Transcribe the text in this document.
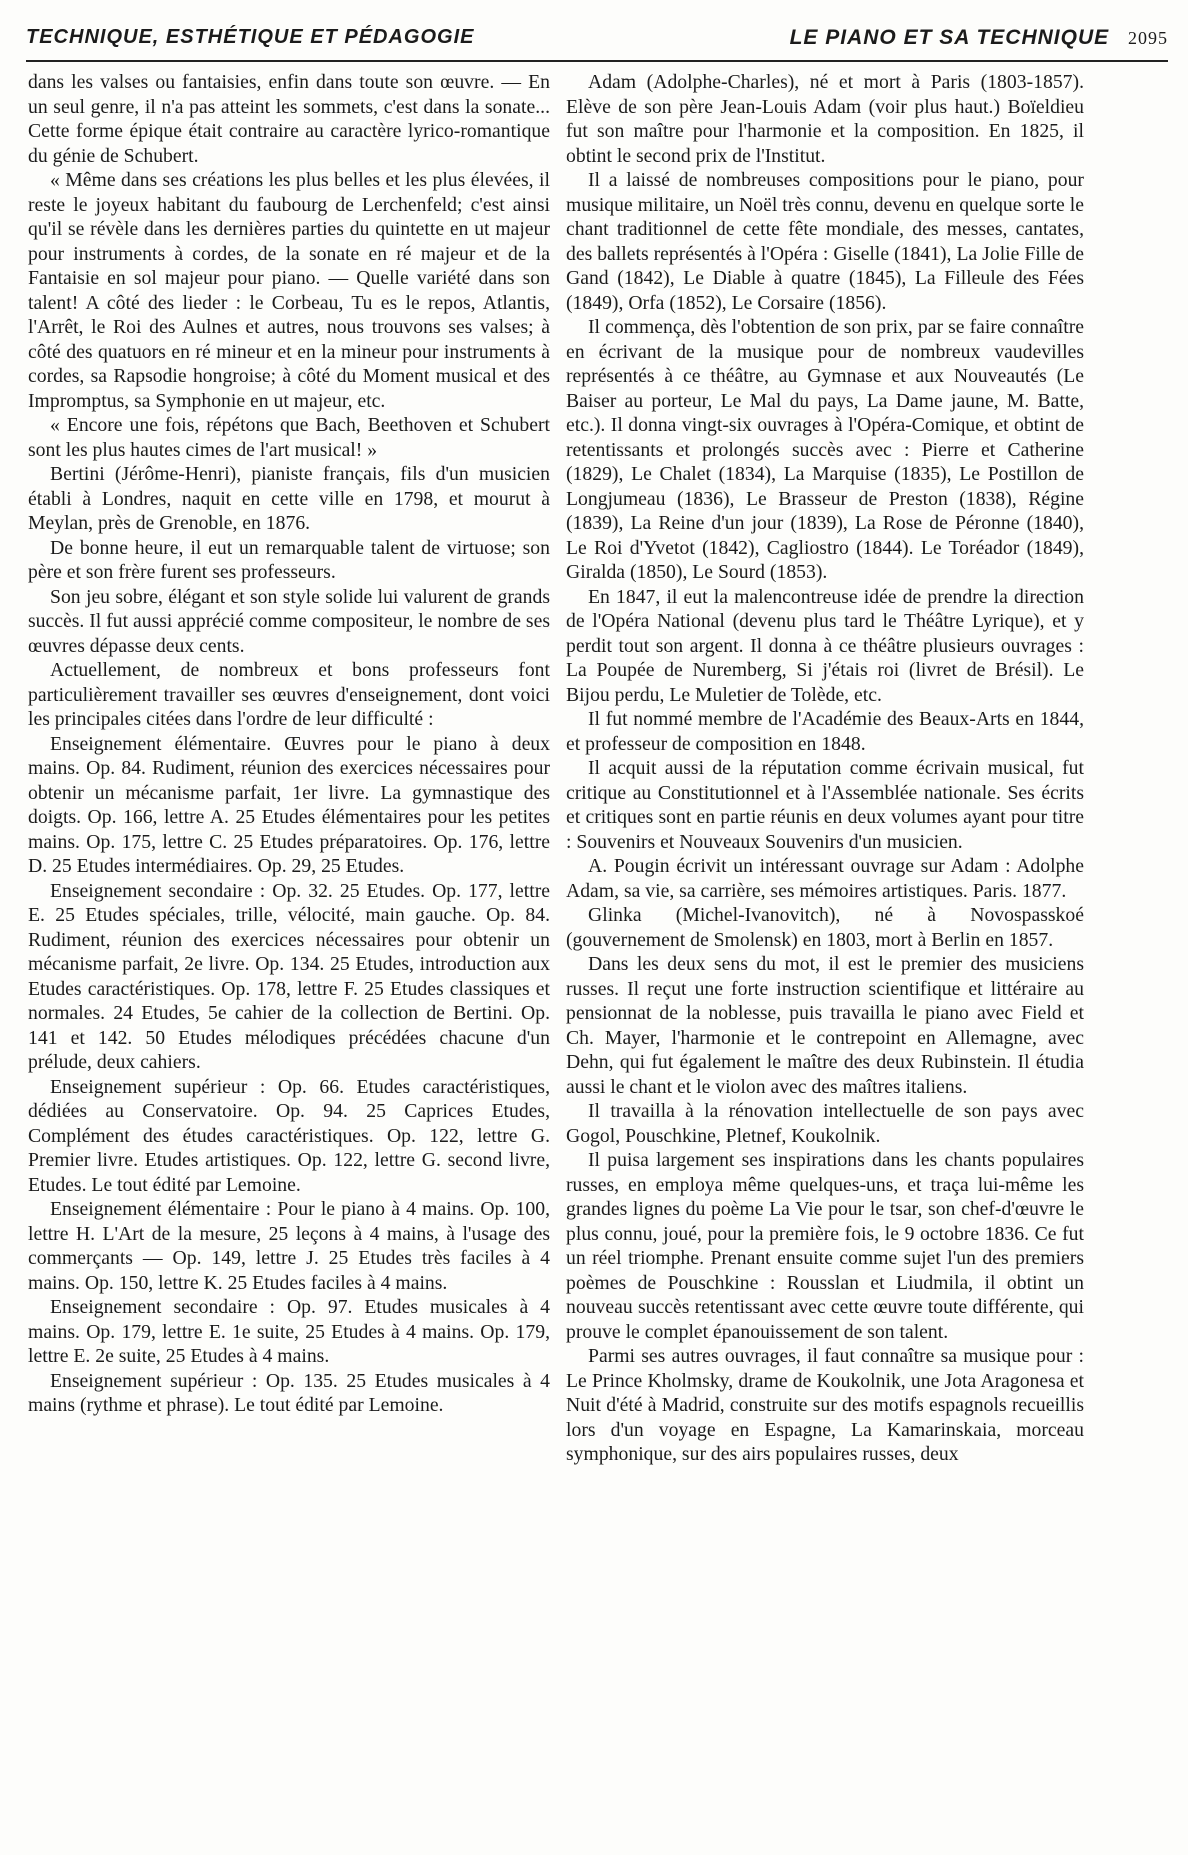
TECHNIQUE, ESTHÉTIQUE ET PÉDAGOGIE	LE PIANO ET SA TECHNIQUE 2095

dans les valses ou fantaisies, enfin dans toute son œuvre. — En un seul genre, il n'a pas atteint les sommets, c'est dans la sonate... Cette forme épique était contraire au caractère lyrico-romantique du génie de Schubert.

« Même dans ses créations les plus belles et les plus élevées, il reste le joyeux habitant du faubourg de Lerchenfeld; c'est ainsi qu'il se révèle dans les dernières parties du quintette en ut majeur pour instruments à cordes, de la sonate en ré majeur et de la Fantaisie en sol majeur pour piano. — Quelle variété dans son talent! A côté des lieder : le Corbeau, Tu es le repos, Atlantis, l'Arrêt, le Roi des Aulnes et autres, nous trouvons ses valses; à côté des quatuors en ré mineur et en la mineur pour instruments à cordes, sa Rapsodie hongroise; à côté du Moment musical et des Impromptus, sa Symphonie en ut majeur, etc.

« Encore une fois, répétons que Bach, Beethoven et Schubert sont les plus hautes cimes de l'art musical! »

Bertini (Jérôme-Henri), pianiste français, fils d'un musicien établi à Londres, naquit en cette ville en 1798, et mourut à Meylan, près de Grenoble, en 1876.

De bonne heure, il eut un remarquable talent de virtuose; son père et son frère furent ses professeurs.

Son jeu sobre, élégant et son style solide lui valurent de grands succès. Il fut aussi apprécié comme compositeur, le nombre de ses œuvres dépasse deux cents.

Actuellement, de nombreux et bons professeurs font particulièrement travailler ses œuvres d'enseignement, dont voici les principales citées dans l'ordre de leur difficulté :

Enseignement élémentaire. Œuvres pour le piano à deux mains. Op. 84. Rudiment, réunion des exercices nécessaires pour obtenir un mécanisme parfait, 1er livre. La gymnastique des doigts. Op. 166, lettre A. 25 Etudes élémentaires pour les petites mains. Op. 175, lettre C. 25 Etudes préparatoires. Op. 176, lettre D. 25 Etudes intermédiaires. Op. 29, 25 Etudes.

Enseignement secondaire : Op. 32. 25 Etudes. Op. 177, lettre E. 25 Etudes spéciales, trille, vélocité, main gauche. Op. 84. Rudiment, réunion des exercices nécessaires pour obtenir un mécanisme parfait, 2e livre. Op. 134. 25 Etudes, introduction aux Etudes caractéristiques. Op. 178, lettre F. 25 Etudes classiques et normales. 24 Etudes, 5e cahier de la collection de Bertini. Op. 141 et 142. 50 Etudes mélodiques précédées chacune d'un prélude, deux cahiers.

Enseignement supérieur : Op. 66. Etudes caractéristiques, dédiées au Conservatoire. Op. 94. 25 Caprices Etudes, Complément des études caractéristiques. Op. 122, lettre G. Premier livre. Etudes artistiques. Op. 122, lettre G. second livre, Etudes. Le tout édité par Lemoine.

Enseignement élémentaire : Pour le piano à 4 mains. Op. 100, lettre H. L'Art de la mesure, 25 leçons à 4 mains, à l'usage des commerçants — Op. 149, lettre J. 25 Etudes très faciles à 4 mains. Op. 150, lettre K. 25 Etudes faciles à 4 mains.

Enseignement secondaire : Op. 97. Etudes musicales à 4 mains. Op. 179, lettre E. 1e suite, 25 Etudes à 4 mains. Op. 179, lettre E. 2e suite, 25 Etudes à 4 mains.

Enseignement supérieur : Op. 135. 25 Etudes musicales à 4 mains (rythme et phrase). Le tout édité par Lemoine.

Adam (Adolphe-Charles), né et mort à Paris (1803-1857). Elève de son père Jean-Louis Adam (voir plus haut.) Boïeldieu fut son maître pour l'harmonie et la composition. En 1825, il obtint le second prix de l'Institut.

Il a laissé de nombreuses compositions pour le piano, pour musique militaire, un Noël très connu, devenu en quelque sorte le chant traditionnel de cette fête mondiale, des messes, cantates, des ballets représentés à l'Opéra : Giselle (1841), La Jolie Fille de Gand (1842), Le Diable à quatre (1845), La Filleule des Fées (1849), Orfa (1852), Le Corsaire (1856).

Il commença, dès l'obtention de son prix, par se faire connaître en écrivant de la musique pour de nombreux vaudevilles représentés à ce théâtre, au Gymnase et aux Nouveautés (Le Baiser au porteur, Le Mal du pays, La Dame jaune, M. Batte, etc.). Il donna vingt-six ouvrages à l'Opéra-Comique, et obtint de retentissants et prolongés succès avec : Pierre et Catherine (1829), Le Chalet (1834), La Marquise (1835), Le Postillon de Longjumeau (1836), Le Brasseur de Preston (1838), Régine (1839), La Reine d'un jour (1839), La Rose de Péronne (1840), Le Roi d'Yvetot (1842), Cagliostro (1844). Le Toréador (1849), Giralda (1850), Le Sourd (1853).

En 1847, il eut la malencontreuse idée de prendre la direction de l'Opéra National (devenu plus tard le Théâtre Lyrique), et y perdit tout son argent. Il donna à ce théâtre plusieurs ouvrages : La Poupée de Nuremberg, Si j'étais roi (livret de Brésil). Le Bijou perdu, Le Muletier de Tolède, etc.

Il fut nommé membre de l'Académie des Beaux-Arts en 1844, et professeur de composition en 1848.

Il acquit aussi de la réputation comme écrivain musical, fut critique au Constitutionnel et à l'Assemblée nationale. Ses écrits et critiques sont en partie réunis en deux volumes ayant pour titre : Souvenirs et Nouveaux Souvenirs d'un musicien.

A. Pougin écrivit un intéressant ouvrage sur Adam : Adolphe Adam, sa vie, sa carrière, ses mémoires artistiques. Paris. 1877.

Glinka (Michel-Ivanovitch), né à Novospasskoé (gouvernement de Smolensk) en 1803, mort à Berlin en 1857.

Dans les deux sens du mot, il est le premier des musiciens russes. Il reçut une forte instruction scientifique et littéraire au pensionnat de la noblesse, puis travailla le piano avec Field et Ch. Mayer, l'harmonie et le contrepoint en Allemagne, avec Dehn, qui fut également le maître des deux Rubinstein. Il étudia aussi le chant et le violon avec des maîtres italiens.

Il travailla à la rénovation intellectuelle de son pays avec Gogol, Pouschkine, Pletnef, Koukolnik.

Il puisa largement ses inspirations dans les chants populaires russes, en employa même quelques-uns, et traça lui-même les grandes lignes du poème La Vie pour le tsar, son chef-d'œuvre le plus connu, joué, pour la première fois, le 9 octobre 1836. Ce fut un réel triomphe. Prenant ensuite comme sujet l'un des premiers poèmes de Pouschkine : Rousslan et Liudmila, il obtint un nouveau succès retentissant avec cette œuvre toute différente, qui prouve le complet épanouissement de son talent.

Parmi ses autres ouvrages, il faut connaître sa musique pour : Le Prince Kholmsky, drame de Koukolnik, une Jota Aragonesa et Nuit d'été à Madrid, construite sur des motifs espagnols recueillis lors d'un voyage en Espagne, La Kamarinskaia, morceau symphonique, sur des airs populaires russes, deux
